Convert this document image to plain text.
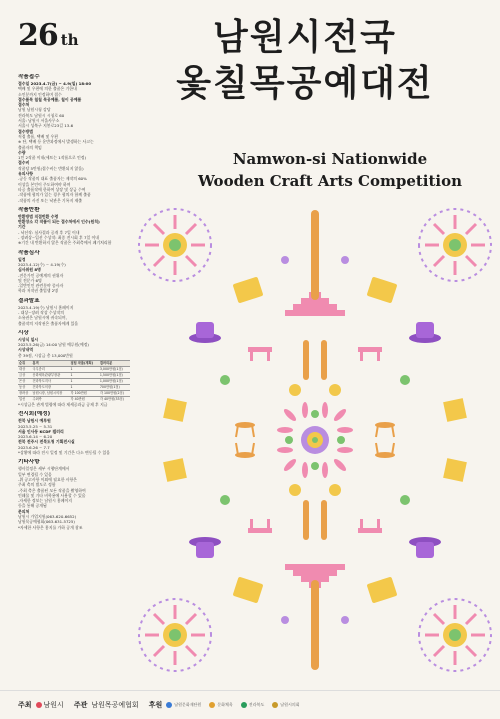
26 th	남원시전국
옻칠목공예대전
Namwon-si Nationwide
Wooden Craft Arts Competition

작품접수

접수일 2023.4.7(금) ~ 4.9(일) 18:00

택배 및 우편에 의한 출품은 기한내

소인분까지 인정하며 접수

접수품목 칠칠 목공예품, 칠이 공예품

접수처

남원 남원시청 강당

전라북도 남원시 시청로 60

서울: 남원시 서울사무소

서울시 성북구 지봉로23길 13-6

접수방법

직접 출품, 택배 및 우편

※ 단, 택배 등 운반과정에서 발생하는 사고는

출품자의 책임

수량

1인 2작품 이내(세트는 1작품으로 인정)

접수비

작품당 5만원(접수비는 반환되지 않음)

유의사항

-공동 작품의 대표 출품자는 제작의 60%

이상을 본인이 주도하여야 하며

타공 출품작에 한하여 상장 및 상금 수여

-작품에 협의가 있는 경우 협의자 함께 출품

-작품의 사진 또는 낙관은 기록지 제출

작품반환

반환방법 직접반환 수령

반환장소 각 작품이 되는 접수처에서 인수(원칙)

기간

- 낙선작: 심사결과 공개 후 7일 이내

- 장려상~입선 수상작: 최종 전시회 후 7일 이내

※기간 내 반환하지 않은 작품은 주최측에서 폐기처리함

작품심사

일정

2023.4.12(수) ~ 4.19(수)

심사위원 8명

-전문가인 공예계의 권위자

및 전문가 6명

-일반인인 관련분야 종사자

학과 저작권 출업생 2명

결과발표

2023.4.19(수) 남원시 홈페이지

- 대상~장려 작상 수상작의

소유권은 남원시에 귀속되며,

출품작의 저작권은 출품자에게 있음

시상

시상식 일시

2023.5.26(금) 14:00 남원 예루원(예정)

시상내역

총 39점, 시상금 총 13,000만원

순위	훈격	점팀 작품(계획)	갤러리분
대상	국무총리	1	3,000만원(1점)
금상	문화체육관광부장관	1	1,500만원(1점)
은상	전라북도지사	1	1,000만원(1점)
동상	전라북도의장	1	700만원(1점)
장려상	남원시장, 남원시의장	각 100만원	각 100만원(2점)
입선	주최측	각 40만원	각 40만원(33점)

*시상금은 관계 법령에 따라 제세공과금 공제 후 지급

전시회(예정)

전북 남원시 예루원

2023.5.25 ~ 5.31

서울 인사동 KCDF 갤러리

2023.6.14 ~ 6.20

전북 전주시 전북도청 기획전시실

2023.6.26 ~ 7.7

*상황에 따라 전시 일정 및 기간은 다소 변동될 수 있음

기타사항

행사일정은 세부 시행단계에서

일부 변경될 수 있음

-위 공고사항 이외에 필요한 사항은

주최 측의 별도로 정함

-주최 측은 출품된 모든 작품을 촬영하여

인쇄물 및 기타 비학용에 사용할 수 있음

-자세한 정보는 남원시 홈페이지

등을 통해 공개됨

문의처

남원시 가업지원(063-620-6652)

남원목공예협회(063-631-5725)

*자세한 사항은 홈지를 가하 공개 참조

주최 남원시 주관 남원목공예협회 후원	남원문화재단원	문화체육	전라북도	남원시의회
